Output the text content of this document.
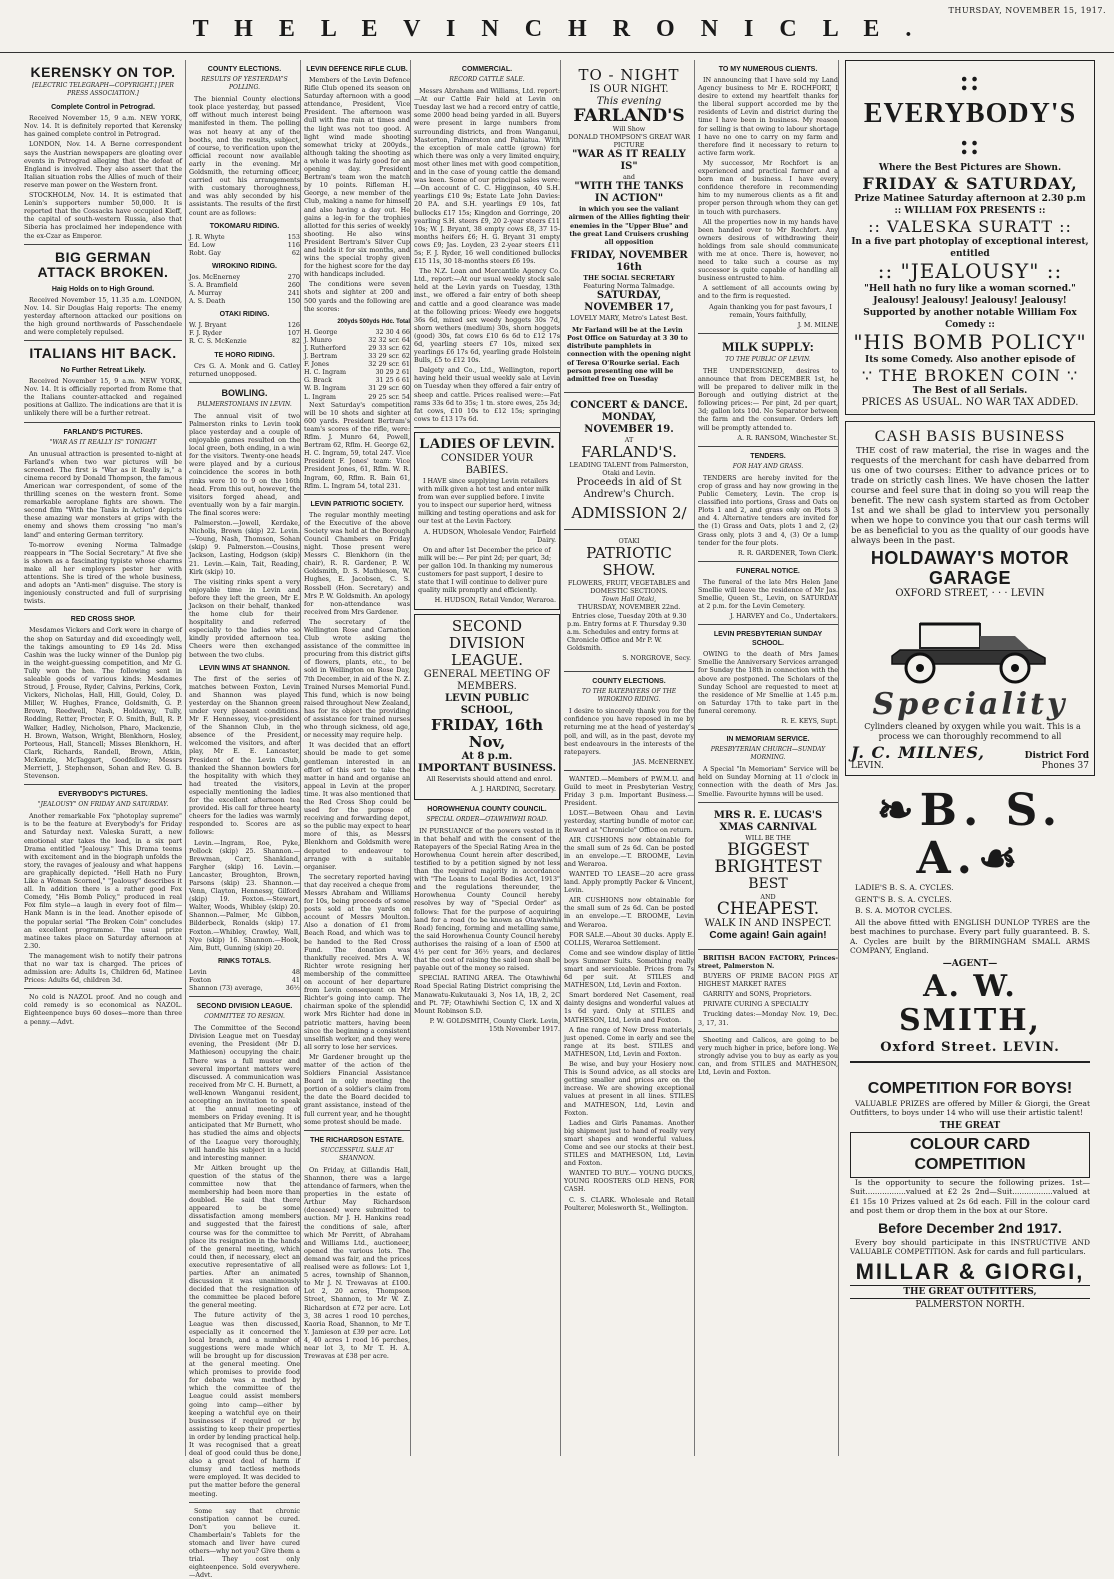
T H E L E V I N C H R O N I C L E .
THURSDAY, NOVEMBER 15, 1917.
KERENSKY ON TOP.
[ELECTRIC TELEGRAPH—COPYRIGHT.] [PER PRESS ASSOCIATION.]
Complete Control in Petrograd.

Received November 15, 9 a.m. NEW YORK, Nov. 14. It is definitely reported that Kerensky has gained complete control in Petrograd.

LONDON, Nov. 14. A Berne correspondent says the Austrian newspapers are gloating over events in Petrograd alleging that the defeat of England is involved. They also assert that the Italian situation robs the Allies of much of their reserve man power on the Western front.

STOCKHOLM, Nov. 14. It is estimated that Lenin's supporters number 50,000. It is reported that the Cossacks have occupied Kieff, the capital of south-western Russia, also that Siberia has proclaimed her independence with the ex-Czar as Emperor.

BIG GERMAN ATTACK BROKEN.
Haig Holds on to High Ground.

Received November 15, 11.35 a.m. LONDON, Nov. 14. Sir Douglas Haig reports: The enemy yesterday afternoon attacked our positions on the high ground northwards of Passchendaele and were completely repulsed.

ITALIANS HIT BACK.
No Further Retreat Likely.

Received November 15, 9 a.m. NEW YORK, Nov. 14. It is officially reported from Rome that the Italians counter-attacked and regained positions at Gallizo. The indications are that it is unlikely there will be a further retreat.

FARLAND'S PICTURES.
"WAR AS IT REALLY IS" TONIGHT

An unusual attraction is presented to-night at Farland's when two war pictures will be screened. The first is "War as it Really is," a cinema record by Donald Thompson, the famous American war correspondent, of some of the thrilling scenes on the western front. Some remarkable aeroplane fights are shown. The second film "With the Tanks in Action" depicts these amazing war monsters at grips with the enemy and shows them crossing "no man's land" and entering German territory.

To-morrow evening Norma Talmadge reappears in "The Social Secretary." At five she is shown as a fascinating typiste whose charms make all her employers pester her with attentions. She is tired of the whole business, and adopts an "Anti-men" disguise. The story is ingeniously constructed and full of surprising twists.

RED CROSS SHOP.

Mesdames Vickers and Cork were in charge of the shop on Saturday and did exceedingly well, the takings amounting to £9 14s 2d. Miss Cashin was the lucky winner of the Dunlop pig in the weight-guessing competition, and Mr G. Tully won the hen. The following sent in saleable goods of various kinds: Mesdames Stroud, J. Frouse, Ryder, Calvins, Perkins, Cork, Vickers, Nicholas, Hall, Hill, Gould, Coley, D. Miller, W. Hughes, France, Goldsmith, G. P. Brown, Reedwell, Nash, Holdaway, Tully, Rodding, Retter, Procter, F. O. Smith, Bull, R. P. Walker, Hadley, Nicholson, Pharo, Mackenzie, H. Brown, Watson, Wright, Blenkhorn, Hosley, Porteous, Hall, Stancell; Misses Blenkhorn, H. Clark, Richards, Randell, Brown, Atkin, McKenzie, McTaggart, Goodfellow; Messrs Merriett, J. Stephenson, Sohan and Rev. G. B. Stevenson.

EVERYBODY'S PICTURES.
"JEALOUSY" ON FRIDAY AND SATURDAY.

Another remarkable Fox "photoplay supreme" is to be the feature at Everybody's for Friday and Saturday next. Valeska Suratt, a new emotional star takes the lead, in a six part Drama entitled "Jealousy." This Drama teems with excitement and in the biograph unfolds the story, the ravages of jealousy and what happens are graphically depicted. "Hell Hath no Fury Like a Woman Scorned," "Jealousy" describes it all. In addition there is a rather good Fox Comedy, "His Bomb Policy," produced in real Fox film style—a laugh in every foot of film—Hank Mann is in the lead. Another episode of the popular serial "The Broken Coin" concludes an excellent programme. The usual prize matinee takes place on Saturday afternoon at 2.30.

The management wish to notify their patrons that no war tax is charged. The prices of admission are: Adults 1s, Children 6d, Matinee Prices: Adults 6d, children 3d.

No cold is NAZOL proof. And no cough and cold remedy is so economical as NAZOL. Eighteenpence buys 60 doses—more than three a penny.—Advt.

COUNTY ELECTIONS.
RESULTS OF YESTERDAY'S POLLING.

The biennial County elections took place yesterday, but passed off without much interest being manifested in them. The polling was not heavy at any of the booths, and the results, subject, of course, to verification upon the official recount now available early in the evening. Mr Goldsmith, the returning officer, carried out his arrangements with customary thoroughness, and was ably seconded by his assistants. The results of the first count are as follows:

TOKOMARU RIDING.
J. R. Whyte	153
Ed. Low	116
Robt. Gay	62
WIROKINO RIDING.
Jos. McEnerney	270
S. A. Bramfield	260
A. Murray	241
A. S. Death	150
OTAKI RIDING.
W. J. Bryant	126
F. J. Ryder	107
R. C. S. McKenzie	82
TE HORO RIDING.

Crs G. A. Monk and G. Catley returned unopposed.

BOWLING.
PALMERSTONIANS IN LEVIN.

The annual visit of two Palmerston rinks to Levin took place yesterday and a couple of enjoyable games resulted on the local green, both ending, in a win for the visitors. Twenty-one heads were played and by a curious coincidence the scores in both rinks were 10 to 9 on the 16th head. From this out, however, the visitors forged ahead, and eventually won by a fair margin. The final scores were:

Palmerston.—Jowell, Kerdake, Nicholls, Brown (skip) 22. Levin.—Young, Nash, Thomson, Sohan (skip) 9. Palmerston.—Cousins, Jackson, Lasting, Hodgson (skip) 21. Levin.—Kain, Tait, Reading, Kirk (skip) 10.

The visiting rinks spent a very enjoyable time in Levin and before they left the green, Mr E. Jackson on their behalf, thanked the home club for their hospitality and referred especially to the ladies who so kindly provided afternoon tea. Cheers were then exchanged between the two clubs.

LEVIN WINS AT SHANNON.

The first of the series of matches between Foxton, Levin and Shannon was played yesterday on the Shannon green under very pleasant conditions. Mr F. Hennessey, vice-president of the Shannon Club, in the absence of the President, welcomed the visitors, and after play, Mr E. E. Lancaster, President of the Levin Club, thanked the Shannon bowlers for the hospitality with which they had treated the visitors, especially mentioning the ladies for the excellent afternoon tea provided. His call for three hearty cheers for the ladies was warmly responded to. Scores are as follows:

Levin.—Ingram, Roe, Pyke, Pollock (skip) 25. Shannon.—Brewman, Carr, Shankland, Fargher (skip) 16. Levin.—Lancaster, Broughton, Brown, Parsons (skip) 23. Shannon.—Venn, Clayton, Hennessy, Gilford (skip) 19. Foxton.—Stewart, Walter, Woods, Whibley (skip) 20. Shannon.—Palmer, Mc Gibbon, Bilderbeck, Ronalds (skip) 17. Foxton.—Whibley, Crawley, Wall, Nye (skip) 16. Shannon.—Hook, Aim, Butt, Gunning (skip) 20.

RINKS TOTALS.
Levin	48
Foxton	41
Shannon (73) average,	36½
SECOND DIVISION LEAGUE.
COMMITTEE TO RESIGN.

The Committee of the Second Division League met on Tuesday evening, the President (Mr D. Mathieson) occupying the chair. There was a full muster and several important matters were discussed. A communication was received from Mr C. H. Burnett, a well-known Wanganui resident, accepting an invitation to speak at the annual meeting of members on Friday evening. It is anticipated that Mr Burnett, who has studied the aims and objects of the League very thoroughly, will handle his subject in a lucid and interesting manner.

Mr Aitken brought up the question of the status of the committee now that the membership had been more than doubled. He said that there appeared to be some dissatisfaction among members and suggested that the fairest course was for the committee to place its resignation in the hands of the general meeting, which could then, if necessary, elect an executive representative of all parties. After an animated discussion it was unanimously decided that the resignation of the committee be placed before the general meeting.

The future activity of the League was then discussed, especially as it concerned the local branch, and a number of suggestions were made which will be brought up for discussion at the general meeting. One which promises to provide food for debate was a method by which the committee of the League could assist members going into camp—either by keeping a watchful eye on their businesses if required or by assisting to keep their properties in order by lending practical help. It was recognised that a great deal of good could thus be done, also a great deal of harm if clumsy and tactless methods were employed. It was decided to put the matter before the general meeting.

Some say that chronic constipation cannot be cured. Don't you believe it. Chamberlain's Tablets for the stomach and liver have cured others—why not you? Give them a trial. They cost only eighteenpence. Sold everywhere.—Advt.

LEVIN DEFENCE RIFLE CLUB.

Members of the Levin Defence Rifle Club opened its season on Saturday afternoon with a good attendance, President, Vice President. The afternoon was dull with fine rain at times and the light was not too good. A light wind made shooting somewhat tricky at 200yds., although taking the shooting as a whole it was fairly good for an opening day. President Bertram's team won the match by 10 points. Rifleman H. George, a new member of the Club, making a name for himself and also having a day out. He gains a leg-in for the trophies allotted for this series of weekly shooting. He also wins President Bertram's Silver Cup and holds it for six months, and wins the special trophy given for the highest score for the day with handicaps included.

The conditions were seven shots and sighter at 200 and 500 yards and the following are the scores:

200yds 500yds Hdc. Total
H. George	32 30 4 66
J. Munro	32 32 scr. 64
J. Rutherford	29 33 scr. 62
J. Bertram	33 29 scr. 62
F. Jones	32 29 scr. 61
H. C. Ingram	30 29 2 61
G. Brack	31 25 6 61
W. B. Ingram	31 29 scr. 60
L. Ingram	29 25 scr. 54

Next Saturday's competition will be 10 shots and sighter at 600 yards. President Bertram's team's scores of the rifle, were: Rflm. J. Munro 64, Powell, Bertram 62, Rflm. H. George 62, H. C. Ingram, 59, total 247. Vice President F. Jones' team: Vice President Jones, 61, Rflm. W. R. Ingram, 60, Rflm. R. Bain 61, Rflm. L. Ingram 54, total 231.

LEVIN PATRIOTIC SOCIETY.

The regular monthly meeting of the Executive of the above Society was held at the Borough Council Chambers on Friday night. Those present were Messrs C. Blenkhorn (in the chair), R. R. Gardener, P. W. Goldsmith, D. S. Mathieson, W. Hughes, E. Jacobsen, C. S. Rossbell (Hon. Secretary) and Mrs P. W. Goldsmith. An apology for non-attendance was received from Mrs Gardener.

The secretary of the Wellington Rose and Carnation Club wrote asking the assistance of the committee in procuring from this district gifts of flowers, plants, etc., to be sold in Wellington on Rose Day, 7th December, in aid of the N. Z. Trained Nurses Memorial Fund. This fund, which is now being raised throughout New Zealand, has for its object the providing of assistance for trained nurses who through sickness, old age, or necessity may require help.

It was decided that an effort should be made to get some gentleman interested in an effort of this sort to take the matter in hand and organise an appeal in Levin at the proper time. It was also mentioned that the Red Cross Shop could be used for the purpose of receiving and forwarding depot, so the public may expect to hear more of this, as Messrs Blenkhorn and Goldsmith were deputed to endeavour to arrange with a suitable organiser.

The secretary reported having that day received a cheque from Messrs Abraham and Williams for 10s, being proceeds of some posts sold at the yards on account of Messrs Moulton. Also a donation of £1 from Beach Road, and which was to be handed to the Red Cross Fund. The donation was thankfully received. Mrs A. W. Richter wrote resigning her membership of the committee on account of her departure from Levin consequent on Mr Richter's going into camp. The chairman spoke of the splendid work Mrs Richter had done in patriotic matters, having been since the beginning a consistent unselfish worker, and they were all sorry to lose her services.

Mr Gardener brought up the matter of the action of the Soldiers Financial Assistance Board in only meeting the portion of a soldier's claim from the date the Board decided to grant assistance, instead of the full current year, and he thought some protest should be made.

THE RICHARDSON ESTATE.
SUCCESSFUL SALE AT SHANNON.

On Friday, at Gillandis Hall, Shannon, there was a large attendance of farmers, when the properties in the estate of Arthur May Richardson (deceased) were submitted to auction. Mr J. H. Hankins read the conditions of sale, after which Mr Perritt, of Abraham and Williams Ltd., auctioneer, opened the various lots. The demand was fair, and the prices realised were as follows: Lot 1, 5 acres, township of Shannon, to Mr J. N. Trewavas at £100. Lot 2, 20 acres, Thompson Street, Shannon, to Mr W. Z. Richardson at £72 per acre. Lot 3, 38 acres 1 rood 10 perches, Kaoria Road, Shannon, to Mr T. Y. Jamieson at £39 per acre. Lot 4, 40 acres 1 rood 16 perches, near lot 3, to Mr T. H. A. Trewavas at £38 per acre.

COMMERCIAL.
RECORD CATTLE SALE.

Messrs Abraham and Williams, Ltd. report:—At our Cattle Fair held at Levin on Tuesday last we had a record entry of cattle, some 2000 head being yarded in all. Buyers were present in large numbers from surrounding districts, and from Wanganui, Masterton, Palmerston and Pahiatua. With the exception of male cattle (grown) for which there was only a very limited enquiry, most other lines met with good competition, and in the case of young cattle the demand was keen. Some of our principal sales were:—On account of C. C. Higginson, 40 S.H. yearlings £10 9s; Estate Late John Davies: 20 P.A. and S.H. yearlings £9 10s, fat bullocks £17 15s; Kingdon and Gorringe, 20 yearling S.H. steers £9, 20 2-year steers £11 10s; W. J. Bryant, 38 empty cows £8, 37 15-months heifers £6; H. G. Bryant 31 empty cows £9; Jas. Loyden, 23 2-year steers £11 5s; F. J. Ryder, 16 well conditioned bullocks £15 11s, 30 18-months steers £6 19s.

The N.Z. Loan and Mercantile Agency Co. Ltd., report:—At our usual weekly stock sale held at the Levin yards on Tuesday, 13th inst., we offered a fair entry of both sheep and cattle and a good clearance was made at the following prices: Weedy ewe hoggets 36s 6d, mixed sex weedy hoggets 30s 7d, shorn wethers (medium) 30s, shorn hoggets (good) 30s, fat cows £10 6s 6d to £12 17s 6d, yearling steers £7 10s, mixed sex yearlings £6 17s 6d, yearling grade Holstein Bulls, £5 to £12 10s.

Dalgety and Co., Ltd., Wellington, report having held their usual weekly sale at Levin on Tuesday when they offered a fair entry of sheep and cattle. Prices realised were:—Fat rams 33s 6d to 35s; 1 tn. store ewes, 25s 3d; fat cows, £10 10s to £12 15s; springing cows to £13 17s 6d.

LADIES OF LEVIN.
CONSIDER YOUR BABIES.

I HAVE since supplying Levin retailers with milk given a hot test and enter milk from wan ever supplied before. I invite you to inspect our superior herd, witness milking and testing operations and ask for our test at the Levin Factory.

A. HUDSON, Wholesale Vendor, Fairfield Dairy.

On and after 1st December the price of milk will be:— Per pint 2d; per quart, 3d; per gallon 10d. In thanking my numerous customers for past support, I desire to state that I will continue to deliver pure quality milk promptly and efficiently.

H. HUDSON, Retail Vendor, Weraroa.

SECOND DIVISION LEAGUE.
GENERAL MEETING OF MEMBERS.
LEVIN PUBLIC SCHOOL,
FRIDAY, 16th Nov,
At 8 p.m.
IMPORTANT BUSINESS.

All Reservists should attend and enrol.

A. J. HARDING, Secretary.

HOROWHENUA COUNTY COUNCIL.
SPECIAL ORDER—OTAWHIWHI ROAD.

IN PURSUANCE of the powers vested in it in that behalf and with the consent of the Ratepayers of the Special Rating Area in the Horowhenua Count herein after described, testified to by a petition signed by not less than the required majority in accordance with "The Loans to Local Bodies Act, 1913" and the regulations thereunder, the Horowhenua County Council hereby resolves by way of "Special Order" as follows: That for the purpose of acquiring land for a road (to be known as Otawhiwhi Road) fencing, forming and metalling same, the said Horowhenua County Council hereby authorises the raising of a loan of £500 at 4½ per cent for 36½ years, and declares that the cost of raising the said loan shall be payable out of the money so raised.

SPECIAL RATING AREA. The Otawhiwhi Road Special Rating District comprising the Manawatu-Kukutauaki 3, Nos 1A, 1B, 2, 2C and Pt. 7F; Otawhiwhi Section C, 1X and X Mount Robinson S.D.

P. W. GOLDSMITH, County Clerk. Levin, 15th November 1917.

TO - NIGHT
IS OUR NIGHT.
This evening
FARLAND'S
Will Show
DONALD THOMPSON'S GREAT WAR PICTURE
"WAR AS IT REALLY IS"
and
"WITH THE TANKS IN ACTION"
in which you see the valiant airmen of the Allies fighting their enemies in the "Upper Blue" and the great Land Cruisers crushing all opposition
FRIDAY, NOVEMBER 16th
THE SOCIAL SECRETARY
Featuring Norma Talmadge.
SATURDAY, NOVEMBER 17,
LOVELY MARY, Metro's Latest Best.

Mr Farland will be at the Levin Post Office on Saturday at 3 30 to distribute pamphlets in connection with the opening night of Teresa O'Rourke serial. Each person presenting one will be admitted free on Tuesday

CONCERT & DANCE.
MONDAY, NOVEMBER 19.
AT
FARLAND'S.
LEADING TALENT from Palmerston, Otaki and Levin.
Proceeds in aid of St Andrew's Church.
ADMISSION 2/
OTAKI
PATRIOTIC
SHOW.
FLOWERS, FRUIT, VEGETABLES and DOMESTIC SECTIONS.
Town Hall Otaki,
THURSDAY, NOVEMBER 22nd.

Entries close, Tuesday 20th at 9.30 p.m. Entry forms at F. Thursday 9.30 a.m. Schedules and entry forms at Chronicle Office and Mr P. W. Goldsmith.

S. NORGROVE, Secy.

COUNTY ELECTIONS.
TO THE RATEPAYERS OF THE WIROKINO RIDING.

I desire to sincerely thank you for the confidence you have reposed in me by returning me at the head of yesterday's poll, and will, as in the past, devote my best endeavours in the interests of the ratepayers.

JAS. McENERNEY.

WANTED.—Members of P.W.M.U. and Guild to meet in Presbyterian Vestry, Friday 3 p.m. Important Business.—President.

LOST.—Between Ohau and Levin yesterday, starting bundle of motor car. Reward at "Chronicle" Office on return.

AIR CUSHIONS now obtainable for the small sum of 2s 6d. Can be posted in an envelope.—T. BROOME, Levin and Weraroa.

WANTED TO LEASE—20 acre grass land. Apply promptly Packer & Vincent, Levin.

AIR CUSHIONS now obtainable for the small sum of 2s 6d. Can be posted in an envelope.—T. BROOME, Levin and Weraroa.

FOR SALE.—About 30 ducks. Apply E. COLLIS, Weraroa Settlement.

Come and see window display of little boys Summer Suits. Something really smart and serviceable. Prices from 7s 6d per suit. At STILES and MATHESON, Ltd, Levin and Foxton.

Smart bordered Net Casement, real dainty designs and wonderful values at 1s 6d yard. Only at STILES and MATHESON, Ltd, Levin and Foxton.

A fine range of New Dress materials, just opened. Come in early and see the range at its best. STILES and MATHESON, Ltd, Levin and Foxton.

Be wise, and buy your Hosiery now. This is Sound advice, as all stocks are getting smaller and prices are on the increase. We are showing exceptional values at present in all lines. STILES and MATHESON, Ltd, Levin and Foxton.

Ladies and Girls Panamas. Another big shipment just to hand of really very smart shapes and wonderful values. Come and see our stocks at their best. STILES and MATHESON, Ltd, Levin and Foxton.

WANTED TO BUY.— YOUNG DUCKS, YOUNG ROOSTERS OLD HENS, FOR CASH.

C. S. CLARK. Wholesale and Retail Poulterer, Molesworth St., Wellington.

TO MY NUMEROUS CLIENTS.

IN announcing that I have sold my Land Agency business to Mr E. ROCHFORT, I desire to extend my heartfelt thanks for the liberal support accorded me by the residents of Levin and district during the time I have been in business. My reason for selling is that owing to labour shortage I have no one to carry on my farm and therefore find it necessary to return to active farm work.

My successor, Mr Rochfort is an experienced and practical farmer and a born man of business. I have every confidence therefore in recommending him to my numerous clients as a fit and proper person through whom they can get in touch with purchasers.

All the properties now in my hands have been handed over to Mr Rochfort. Any owners desirous of withdrawing their holdings from sale should communicate with me at once. There is, however, no need to take such a course as my successor is quite capable of handling all business entrusted to him.

A settlement of all accounts owing by and to the firm is requested.

Again thanking you for past favours, I remain, Yours faithfully,

J. M. MILNE

MILK SUPPLY:
TO THE PUBLIC OF LEVIN.

THE UNDERSIGNED, desires to announce that from DECEMBER 1st, he will be prepared to deliver milk in the Borough and outlying district at the following prices:— Per pint, 2d per quart, 3d; gallon lots 10d. No Separator between the farm and the consumer. Orders left will be promptly attended to.

A. R. RANSOM, Winchester St.

TENDERS.
FOR HAY AND GRASS.

TENDERS are hereby invited for the crop of grass and hay now growing in the Public Cemetery, Levin. The crop is classified into portions, Grass and Oats on Plots 1 and 2, and grass only on Plots 3 and 4. Alternative tenders are invited for the (1) Grass and Oats, plots 1 and 2, (2) Grass only, plots 3 and 4, (3) Or a lump tender for the four plots.

R. R. GARDENER, Town Clerk.

FUNERAL NOTICE.

The funeral of the late Mrs Helen Jane Smellie will leave the residence of Mr Jas. Smellie, Queen St., Levin, on SATURDAY at 2 p.m. for the Levin Cemetery.

J. HARVEY and Co., Undertakers.

LEVIN PRESBYTERIAN SUNDAY SCHOOL.

OWING to the death of Mrs James Smellie the Anniversary Services arranged for Sunday the 18th in connection with the above are postponed. The Scholars of the Sunday School are requested to meet at the residence of Mr Smellie at 1.45 p.m. on Saturday 17th to take part in the funeral ceremony.

R. E. KEYS, Supt.

IN MEMORIAM SERVICE.
PRESBYTERIAN CHURCH—SUNDAY MORNING.

A Special "In Memoriam" Service will be held on Sunday Morning at 11 o'clock in connection with the death of Mrs Jas. Smellie. Favourite hymns will be used.

MRS R. E. LUCAS'S
XMAS CARNIVAL
WILL BE THE
BIGGEST
BRIGHTEST
BEST
AND
CHEAPEST.
WALK IN AND INSPECT.
Come again! Gain again!

BRITISH BACON FACTORY, Princes-street, Palmerston N.

BUYERS OF PRIME BACON PIGS AT HIGHEST MARKET RATES

GARRITY and SONS, Proprietors.

PRIVATE CURING A SPECIALTY

Trucking dates:—Monday Nov. 19, Dec. 3, 17, 31.

Sheeting and Calicos, are going to be very much higher in price, before long. We strongly advise you to buy as early as you can, and from STILES and MATHESON, Ltd, Levin and Foxton.

:: EVERYBODY'S ::
Where the Best Pictures are Shown.
FRIDAY & SATURDAY,
Prize Matinee Saturday afternoon at 2.30 p.m
:: WILLIAM FOX PRESENTS ::
:: VALESKA SURATT ::
In a five part photoplay of exceptional interest, entitled
:: "JEALOUSY" ::
"Hell hath no fury like a woman scorned." Jealousy! Jealousy! Jealousy! Jealousy! Supported by another notable William Fox Comedy ::
"HIS BOMB POLICY"
Its some Comedy. Also another episode of
∵ THE BROKEN COIN ∵
The Best of all Serials.
PRICES AS USUAL. NO WAR TAX ADDED.
CASH BASIS BUSINESS

THE cost of raw material, the rise in wages and the requests of the merchant for cash have debarred from us one of two courses: Either to advance prices or to trade on strictly cash lines. We have chosen the latter course and feel sure that in doing so you will reap the benefit. The new cash system started as from October 1st and we shall be glad to interview you personally when we hope to convince you that our cash terms will be as beneficial to you as the quality of our goods have always been in the past.

HOLDAWAY'S MOTOR GARAGE
OXFORD STREET, · · · LEVIN
Speciality

Cylinders cleaned by oxygen while you wait. This is a process we can thoroughly recommend to all

J. C. MILNES,	District Ford
LEVIN.	Phones 37
❧B. S. A.☙

LADIE'S B. S. A. CYCLES.

GENT'S B. S. A. CYCLES.

B. S. A. MOTOR CYCLES.

All the above fitted with ENGLISH DUNLOP TYRES are the best machines to purchase. Every part fully guaranteed. B. S. A. Cycles are built by the BIRMINGHAM SMALL ARMS COMPANY, England.

—AGENT—
A. W. SMITH,
Oxford Street. LEVIN.
COMPETITION FOR BOYS!

VALUABLE PRIZES are offered by Miller & Giorgi, the Great Outfitters, to boys under 14 who will use their artistic talent!

THE GREAT
COLOUR CARD COMPETITION

Is the opportunity to secure the following prizes. 1st—Suit.................valued at £2 2s 2nd—Suit.................valued at £1 15s 10 Prizes valued at 2s 6d each. Fill in the colour card and post them or drop them in the box at our Store.

Before December 2nd 1917.

Every boy should participate in this INSTRUCTIVE AND VALUABLE COMPETITION. Ask for cards and full particulars.

MILLAR & GIORGI,
THE GREAT OUTFITTERS,
PALMERSTON NORTH.
